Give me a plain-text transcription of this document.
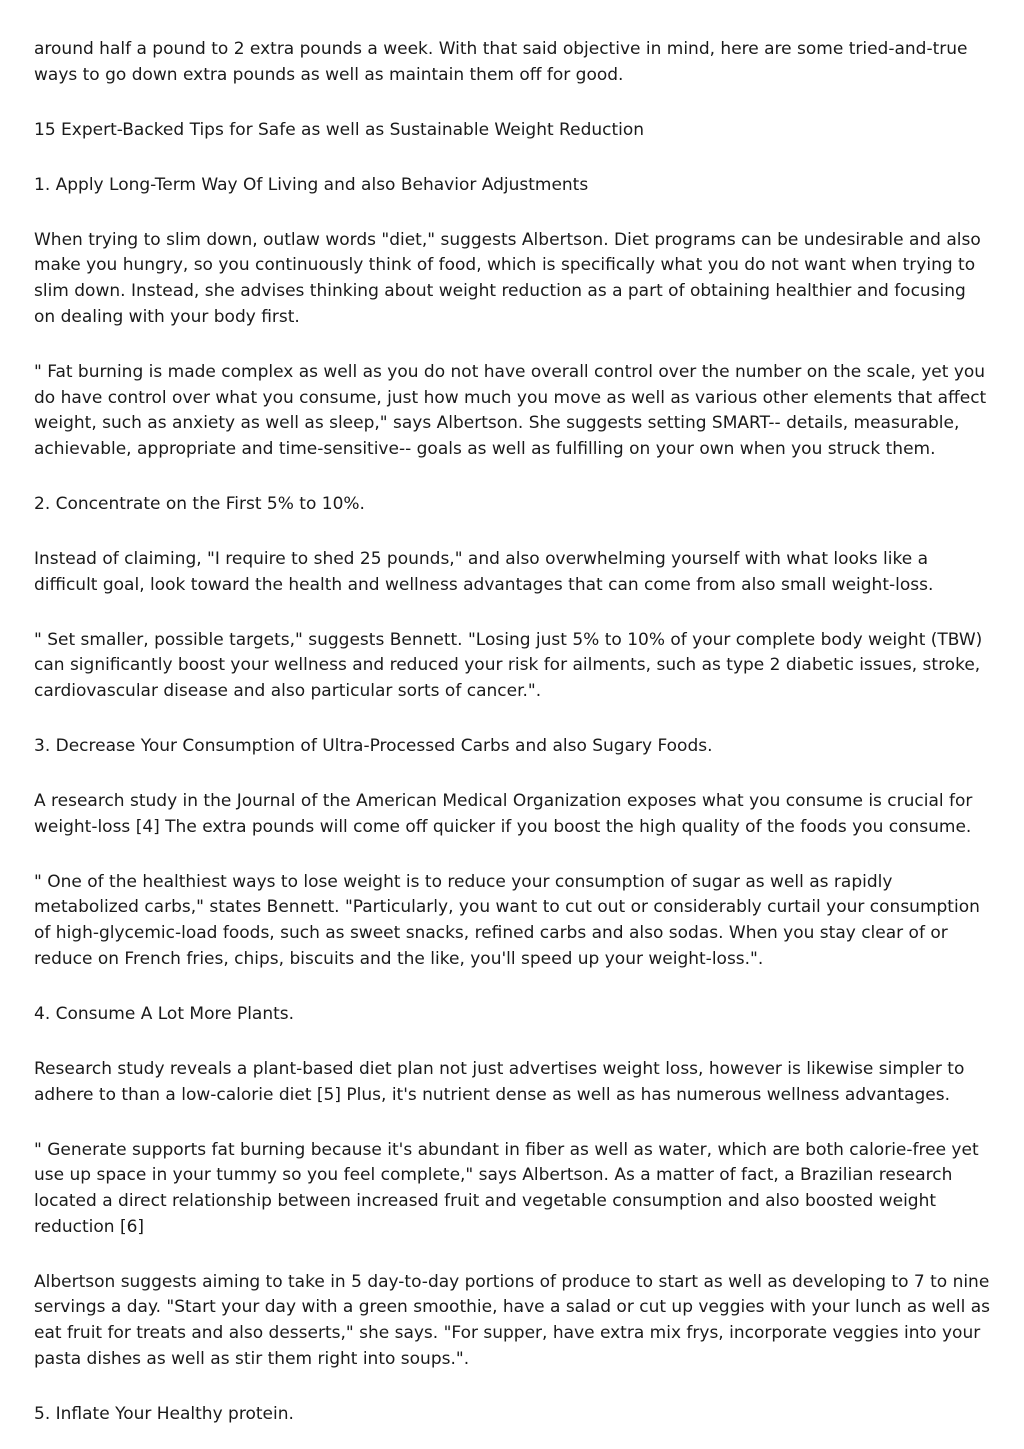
around half a pound to 2 extra pounds a week. With that said objective in mind, here are some tried-and-true ways to go down extra pounds as well as maintain them off for good.

15 Expert-Backed Tips for Safe as well as Sustainable Weight Reduction

1. Apply Long-Term Way Of Living and also Behavior Adjustments

When trying to slim down, outlaw words "diet," suggests Albertson. Diet programs can be undesirable and also make you hungry, so you continuously think of food, which is specifically what you do not want when trying to slim down. Instead, she advises thinking about weight reduction as a part of obtaining healthier and focusing on dealing with your body first.

" Fat burning is made complex as well as you do not have overall control over the number on the scale, yet you do have control over what you consume, just how much you move as well as various other elements that affect weight, such as anxiety as well as sleep," says Albertson. She suggests setting SMART-- details, measurable, achievable, appropriate and time-sensitive-- goals as well as fulfilling on your own when you struck them.

2. Concentrate on the First 5% to 10%.

Instead of claiming, "I require to shed 25 pounds," and also overwhelming yourself with what looks like a difficult goal, look toward the health and wellness advantages that can come from also small weight-loss.

" Set smaller, possible targets," suggests Bennett. "Losing just 5% to 10% of your complete body weight (TBW) can significantly boost your wellness and reduced your risk for ailments, such as type 2 diabetic issues, stroke, cardiovascular disease and also particular sorts of cancer.".

3. Decrease Your Consumption of Ultra-Processed Carbs and also Sugary Foods.

A research study in the Journal of the American Medical Organization exposes what you consume is crucial for weight-loss [4] The extra pounds will come off quicker if you boost the high quality of the foods you consume.

" One of the healthiest ways to lose weight is to reduce your consumption of sugar as well as rapidly metabolized carbs," states Bennett. "Particularly, you want to cut out or considerably curtail your consumption of high-glycemic-load foods, such as sweet snacks, refined carbs and also sodas. When you stay clear of or reduce on French fries, chips, biscuits and the like, you'll speed up your weight-loss.".

4. Consume A Lot More Plants.

Research study reveals a plant-based diet plan not just advertises weight loss, however is likewise simpler to adhere to than a low-calorie diet [5] Plus, it's nutrient dense as well as has numerous wellness advantages.

" Generate supports fat burning because it's abundant in fiber as well as water, which are both calorie-free yet use up space in your tummy so you feel complete," says Albertson. As a matter of fact, a Brazilian research located a direct relationship between increased fruit and vegetable consumption and also boosted weight reduction [6]

Albertson suggests aiming to take in 5 day-to-day portions of produce to start as well as developing to 7 to nine servings a day. "Start your day with a green smoothie, have a salad or cut up veggies with your lunch as well as eat fruit for treats and also desserts," she says. "For supper, have extra mix frys, incorporate veggies into your pasta dishes as well as stir them right into soups.".

5. Inflate Your Healthy protein.
